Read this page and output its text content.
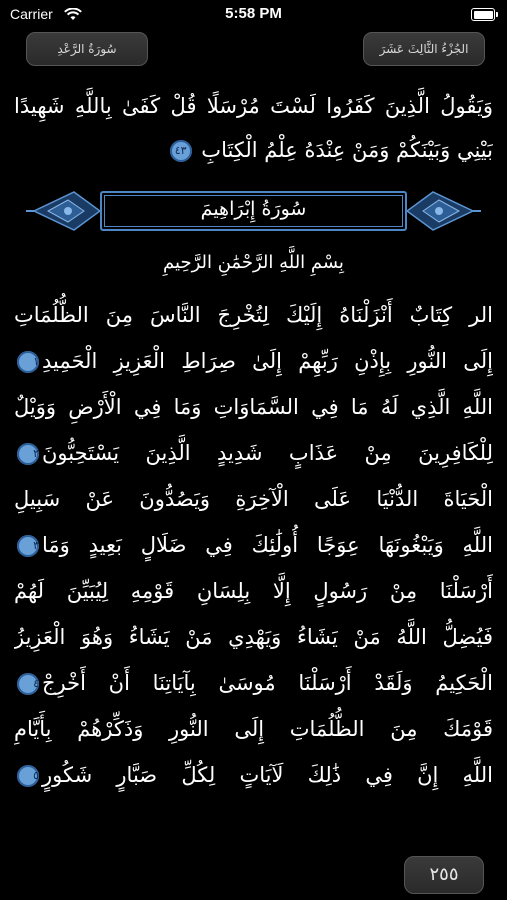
Carrier	5:58 PM
سُورَةُ الرَّعْدِ	الجُزْءُ الثَّالِثَ عَشَرَ
وَيَقُولُ الَّذِينَ كَفَرُوا لَسْتَ مُرْسَلًا قُلْ كَفَىٰ بِاللَّهِ شَهِيدًا
بَيْنِي وَبَيْنَكُمْ وَمَنْ عِنْدَهُ عِلْمُ الْكِتَابِ ٤٣
سُورَةُ إِبْرَاهِيمَ
بِسْمِ اللَّهِ الرَّحْمَٰنِ الرَّحِيمِ
الر كِتَابٌ أَنْزَلْنَاهُ إِلَيْكَ لِتُخْرِجَ النَّاسَ مِنَ الظُّلُمَاتِ
إِلَى النُّورِ بِإِذْنِ رَبِّهِمْ إِلَىٰ صِرَاطِ الْعَزِيزِ الْحَمِيدِ١
اللَّهِ الَّذِي لَهُ مَا فِي السَّمَاوَاتِ وَمَا فِي الْأَرْضِ وَوَيْلٌ
لِلْكَافِرِينَ مِنْ عَذَابٍ شَدِيدٍ الَّذِينَ يَسْتَحِبُّونَ٢
الْحَيَاةَ الدُّنْيَا عَلَى الْآخِرَةِ وَيَصُدُّونَ عَنْ سَبِيلِ
اللَّهِ وَيَبْغُونَهَا عِوَجًا أُولَٰئِكَ فِي ضَلَالٍ بَعِيدٍ وَمَا٣
أَرْسَلْنَا مِنْ رَسُولٍ إِلَّا بِلِسَانِ قَوْمِهِ لِيُبَيِّنَ لَهُمْ
فَيُضِلُّ اللَّهُ مَنْ يَشَاءُ وَيَهْدِي مَنْ يَشَاءُ وَهُوَ الْعَزِيزُ
الْحَكِيمُ وَلَقَدْ أَرْسَلْنَا مُوسَىٰ بِآيَاتِنَا أَنْ أَخْرِجْ٤
قَوْمَكَ مِنَ الظُّلُمَاتِ إِلَى النُّورِ وَذَكِّرْهُمْ بِأَيَّامِ
اللَّهِ إِنَّ فِي ذَٰلِكَ لَآيَاتٍ لِكُلِّ صَبَّارٍ شَكُورٍ٥
٢٥٥
